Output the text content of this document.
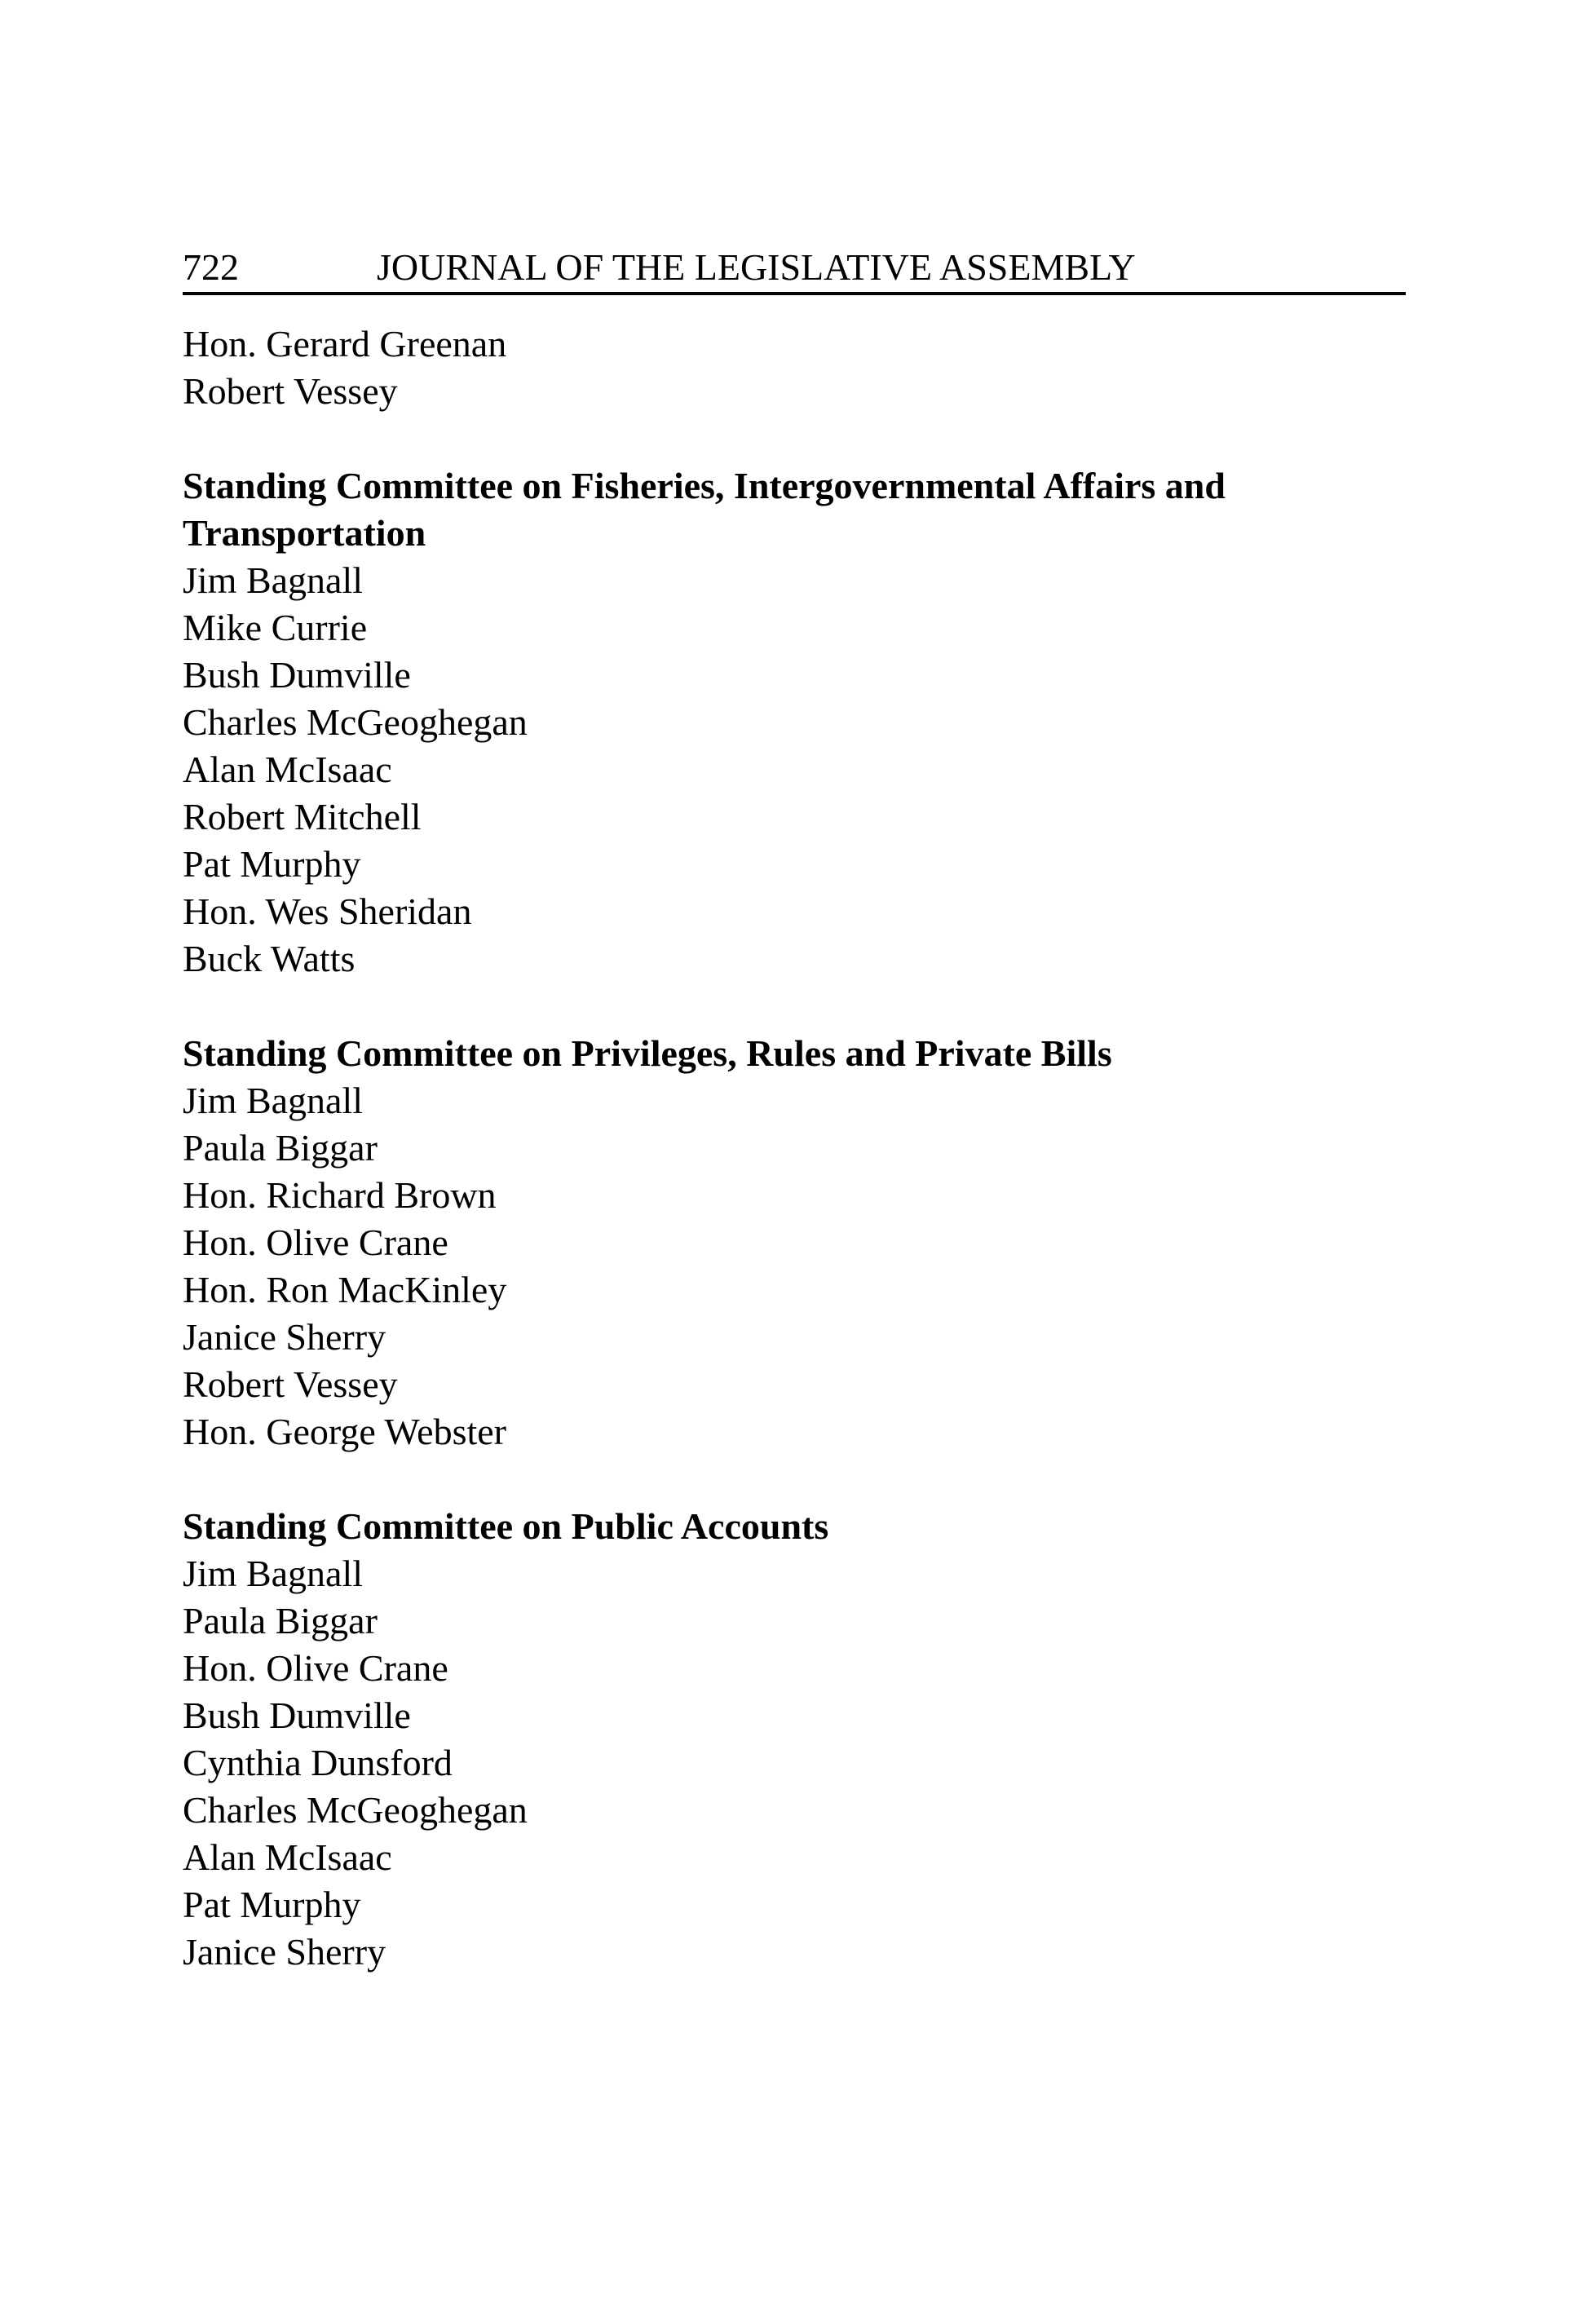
722	JOURNAL OF THE LEGISLATIVE ASSEMBLY
Hon. Gerard Greenan
Robert Vessey
Standing Committee on Fisheries, Intergovernmental Affairs and
Transportation
Jim Bagnall
Mike Currie
Bush Dumville
Charles McGeoghegan
Alan McIsaac
Robert Mitchell
Pat Murphy
Hon. Wes Sheridan
Buck Watts
Standing Committee on Privileges, Rules and Private Bills
Jim Bagnall
Paula Biggar
Hon. Richard Brown
Hon. Olive Crane
Hon. Ron MacKinley
Janice Sherry
Robert Vessey
Hon. George Webster
Standing Committee on Public Accounts
Jim Bagnall
Paula Biggar
Hon. Olive Crane
Bush Dumville
Cynthia Dunsford
Charles McGeoghegan
Alan McIsaac
Pat Murphy
Janice Sherry
